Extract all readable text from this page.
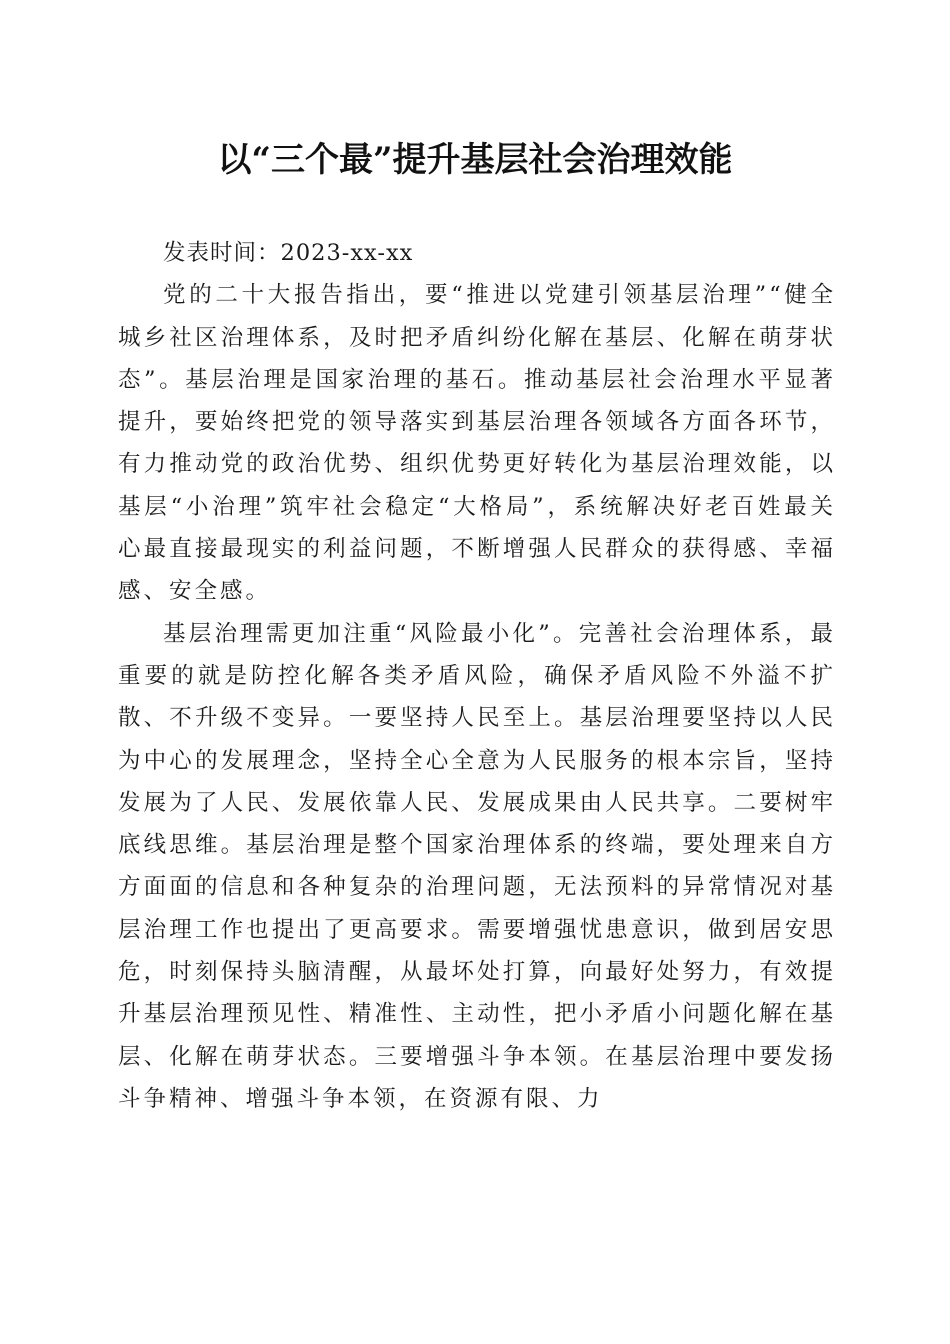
以“三个最”提升基层社会治理效能

发表时间：2023-xx-xx

党的二十大报告指出，要“推进以党建引领基层治理”“健全城乡社区治理体系，及时把矛盾纠纷化解在基层、化解在萌芽状态”。基层治理是国家治理的基石。推动基层社会治理水平显著提升，要始终把党的领导落实到基层治理各领域各方面各环节，有力推动党的政治优势、组织优势更好转化为基层治理效能，以基层“小治理”筑牢社会稳定“大格局”，系统解决好老百姓最关心最直接最现实的利益问题，不断增强人民群众的获得感、幸福感、安全感。

基层治理需更加注重“风险最小化”。完善社会治理体系，最重要的就是防控化解各类矛盾风险，确保矛盾风险不外溢不扩散、不升级不变异。一要坚持人民至上。基层治理要坚持以人民为中心的发展理念，坚持全心全意为人民服务的根本宗旨，坚持发展为了人民、发展依靠人民、发展成果由人民共享。二要树牢底线思维。基层治理是整个国家治理体系的终端，要处理来自方方面面的信息和各种复杂的治理问题，无法预料的异常情况对基层治理工作也提出了更高要求。需要增强忧患意识，做到居安思危，时刻保持头脑清醒，从最坏处打算，向最好处努力，有效提升基层治理预见性、精准性、主动性，把小矛盾小问题化解在基层、化解在萌芽状态。三要增强斗争本领。在基层治理中要发扬斗争精神、增强斗争本领，在资源有限、力
